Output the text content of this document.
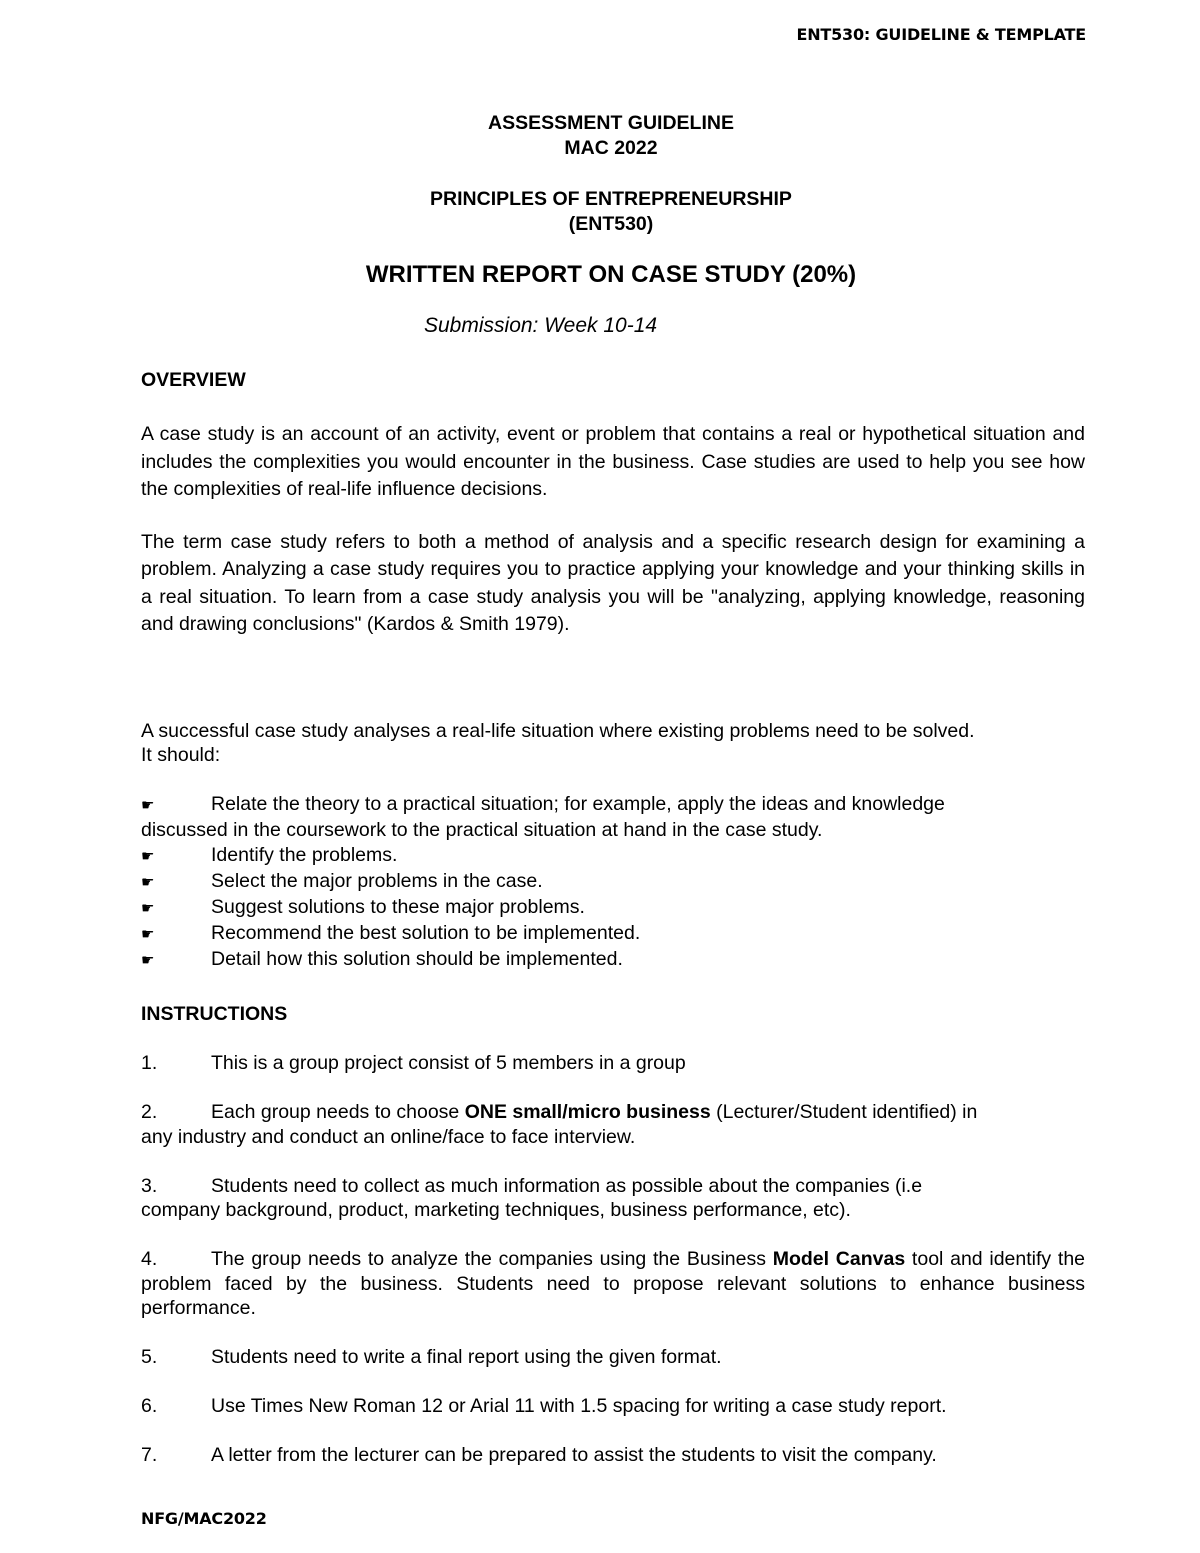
ENT530: GUIDELINE & TEMPLATE
ASSESSMENT GUIDELINE
MAC 2022
PRINCIPLES OF ENTREPRENEURSHIP
(ENT530)
WRITTEN REPORT ON CASE STUDY (20%)
Submission: Week 10-14
OVERVIEW
A case study is an account of an activity, event or problem that contains a real or hypothetical situation and includes the complexities you would encounter in the business. Case studies are used to help you see how the complexities of real-life influence decisions.
The term case study refers to both a method of analysis and a specific research design for examining a problem. Analyzing a case study requires you to practice applying your knowledge and your thinking skills in a real situation. To learn from a case study analysis you will be "analyzing, applying knowledge, reasoning and drawing conclusions" (Kardos & Smith 1979).
A successful case study analyses a real-life situation where existing problems need to be solved.
It should:
☛	Relate the theory to a practical situation; for example, apply the ideas and knowledge
discussed in the coursework to the practical situation at hand in the case study.
☛	Identify the problems.
☛	Select the major problems in the case.
☛	Suggest solutions to these major problems.
☛	Recommend the best solution to be implemented.
☛	Detail how this solution should be implemented.
INSTRUCTIONS
1.	This is a group project consist of 5 members in a group
2.	Each group needs to choose ONE small/micro business (Lecturer/Student identified) in
any industry and conduct an online/face to face interview.
3.	Students need to collect as much information as possible about the companies (i.e
company background, product, marketing techniques, business performance, etc).
4.	The group needs to analyze the companies using the Business Model Canvas tool and identify the problem faced by the business. Students need to propose relevant solutions to enhance business performance.
5.	Students need to write a final report using the given format.
6.	Use Times New Roman 12 or Arial 11 with 1.5 spacing for writing a case study report.
7.	A letter from the lecturer can be prepared to assist the students to visit the company.
NFG/MAC2022
